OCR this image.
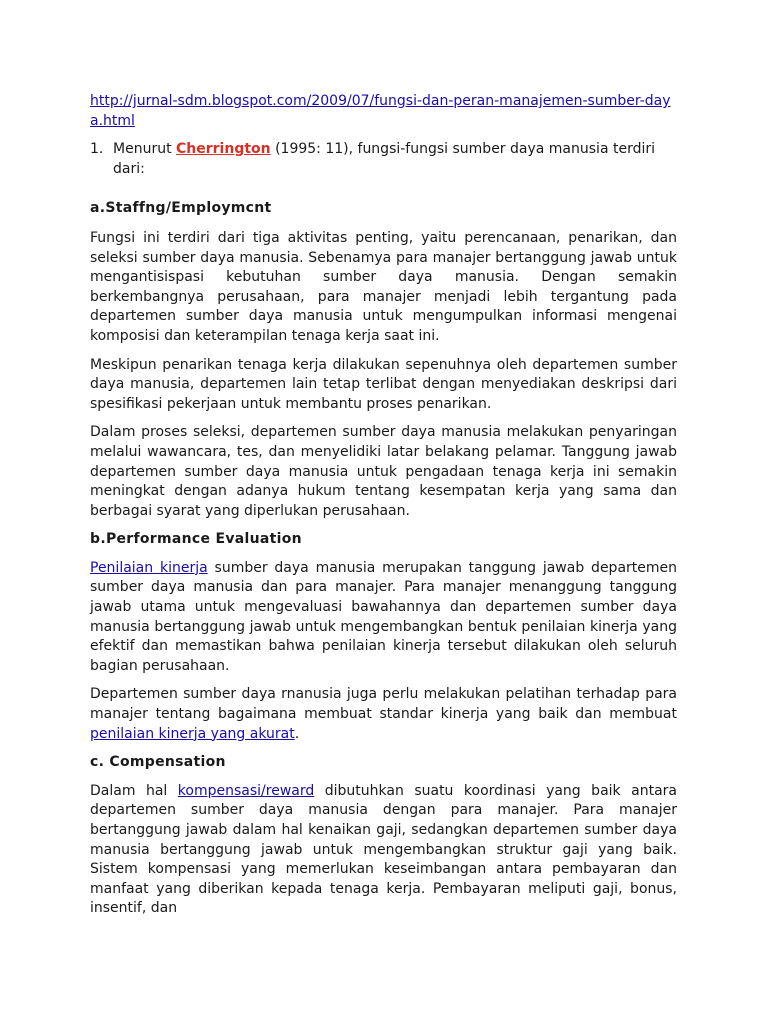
http://jurnal-sdm.blogspot.com/2009/07/fungsi-dan-peran-manajemen-sumber-daya.html
1. Menurut Cherrington (1995: 11), fungsi-fungsi sumber daya manusia terdiri dari:
a.Staffng/Employmcnt

Fungsi ini terdiri dari tiga aktivitas penting, yaitu perencanaan, penarikan, dan seleksi sumber daya manusia. Sebenamya para manajer bertanggung jawab untuk mengantisispasi kebutuhan sumber daya manusia. Dengan semakin berkembangnya perusahaan, para manajer menjadi lebih tergantung pada departemen sumber daya manusia untuk mengumpulkan informasi mengenai komposisi dan keterampilan tenaga kerja saat ini.

Meskipun penarikan tenaga kerja dilakukan sepenuhnya oleh departemen sumber daya manusia, departemen lain tetap terlibat dengan menyediakan deskripsi dari spesifikasi pekerjaan untuk membantu proses penarikan.

Dalam proses seleksi, departemen sumber daya manusia melakukan penyaringan melalui wawancara, tes, dan menyelidiki latar belakang pelamar. Tanggung jawab departemen sumber daya manusia untuk pengadaan tenaga kerja ini semakin meningkat dengan adanya hukum tentang kesempatan kerja yang sama dan berbagai syarat yang diperlukan perusahaan.

b.Performance Evaluation

Penilaian kinerja sumber daya manusia merupakan tanggung jawab departemen sumber daya manusia dan para manajer. Para manajer menanggung tanggung jawab utama untuk mengevaluasi bawahannya dan departemen sumber daya manusia bertanggung jawab untuk mengembangkan bentuk penilaian kinerja yang efektif dan memastikan bahwa penilaian kinerja tersebut dilakukan oleh seluruh bagian perusahaan.

Departemen sumber daya rnanusia juga perlu melakukan pelatihan terhadap para manajer tentang bagaimana membuat standar kinerja yang baik dan membuat penilaian kinerja yang akurat.

c. Compensation

Dalam hal kompensasi/reward dibutuhkan suatu koordinasi yang baik antara departemen sumber daya manusia dengan para manajer. Para manajer bertanggung jawab dalam hal kenaikan gaji, sedangkan departemen sumber daya manusia bertanggung jawab untuk mengembangkan struktur gaji yang baik. Sistem kompensasi yang memerlukan keseimbangan antara pembayaran dan manfaat yang diberikan kepada tenaga kerja. Pembayaran meliputi gaji, bonus, insentif, dan
